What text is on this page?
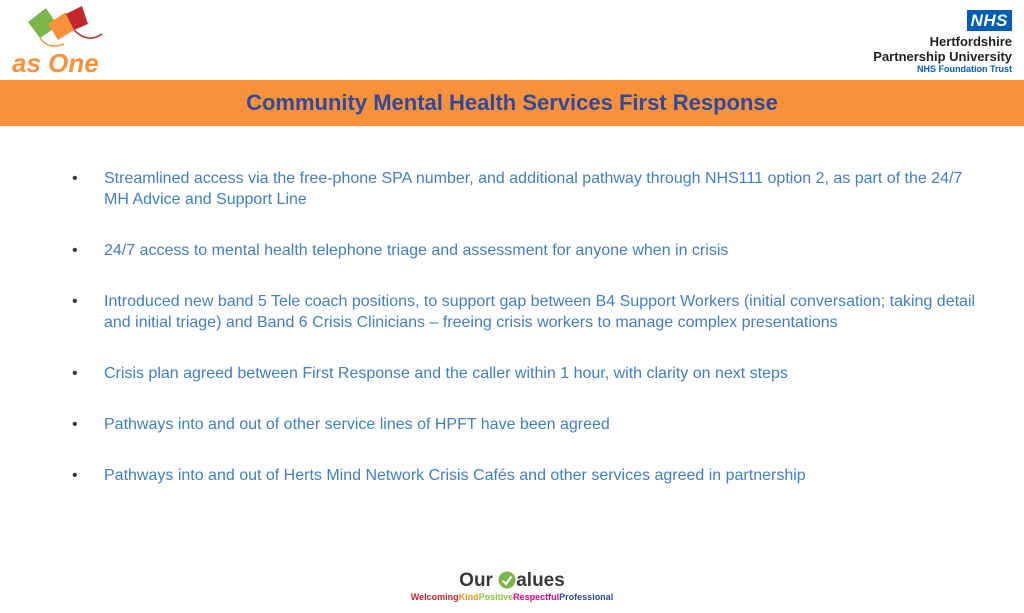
as One
NHS
Hertfordshire
Partnership University
NHS Foundation Trust
Community Mental Health Services First Response
• Streamlined access via the free-phone SPA number, and additional pathway through NHS111 option 2, as part of the 24/7 MH Advice and Support Line
• 24/7 access to mental health telephone triage and assessment for anyone when in crisis
• Introduced new band 5 Tele coach positions, to support gap between B4 Support Workers (initial conversation; taking detail and initial triage) and Band 6 Crisis Clinicians – freeing crisis workers to manage complex presentations
• Crisis plan agreed between First Response and the caller within 1 hour, with clarity on next steps
• Pathways into and out of other service lines of HPFT have been agreed
• Pathways into and out of Herts Mind Network Crisis Cafés and other services agreed in partnership
Our alues
WelcomingKindPositiveRespectfulProfessional
